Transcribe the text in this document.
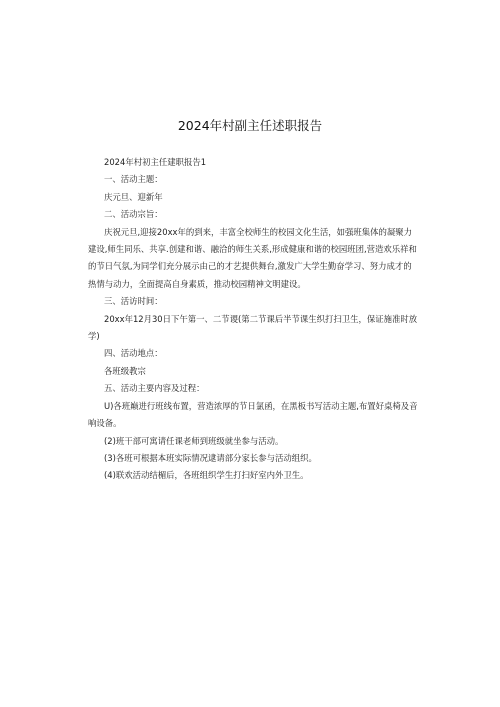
2024年村副主任述职报告

2024年村初主任建职报告1

一、活动主题：

庆元旦、迎新年

二、活动宗旨：

庆祝元旦,迎接20xx年的到来，丰富全校师生的校园文化生活，如强班集体的凝聚力建设,师生同乐、共享.创建和谐、融洽的师生关系,形成健康和谐的校园班团,营造欢乐祥和的节日气氛,为同学们充分展示由己的才艺提供舞台,激发广大学生勤奋学习、努力成才的热情与动力，全面提高自身素质，推动校园精神文明建设。

三、活访时间：

20xx年12月30日下午第一、二节谡(第二节课后半节课生织打扫卫生，保证施准时放学)

四、活动地点：

各班级教宗

五、活动主要内容及过程：

U)各班巅进行班线布置，营造浓厚的节日氯函，在黑板书写活动主题,布置好桌椅及音响设备。

(2)班干部可寓请任课老师到班级就坐参与活动。

(3)各班可根据本班实际情况逮请部分家长参与活动组织。

(4)联欢活动结楣后，各班组织学生打扫好室内外卫生。
